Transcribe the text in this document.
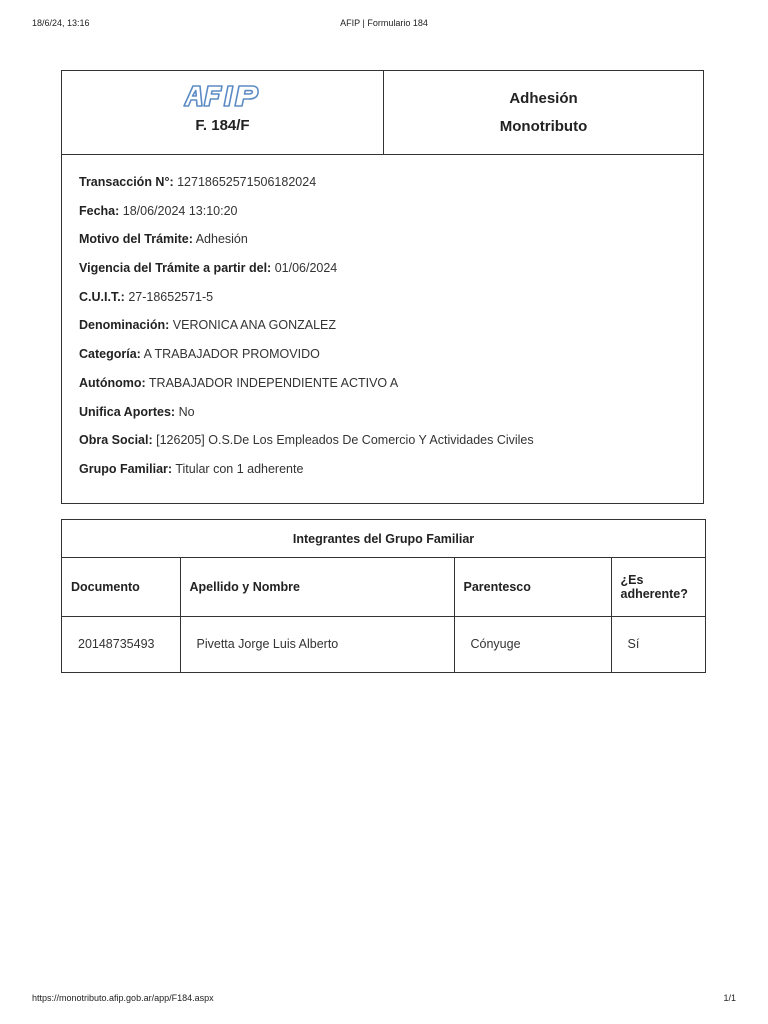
18/6/24, 13:16	AFIP | Formulario 184
F. 184/F
Adhesión
Monotributo
Transacción N°: 12718652571506182024
Fecha: 18/06/2024 13:10:20
Motivo del Trámite: Adhesión
Vigencia del Trámite a partir del: 01/06/2024
C.U.I.T.: 27-18652571-5
Denominación: VERONICA ANA GONZALEZ
Categoría: A TRABAJADOR PROMOVIDO
Autónomo: TRABAJADOR INDEPENDIENTE ACTIVO A
Unifica Aportes: No
Obra Social: [126205] O.S.De Los Empleados De Comercio Y Actividades Civiles
Grupo Familiar: Titular con 1 adherente
Integrantes del Grupo Familiar
Documento	Apellido y Nombre	Parentesco	¿Es adherente?
20148735493	Pivetta Jorge Luis Alberto	Cónyuge	Sí
https://monotributo.afip.gob.ar/app/F184.aspx	1/1
